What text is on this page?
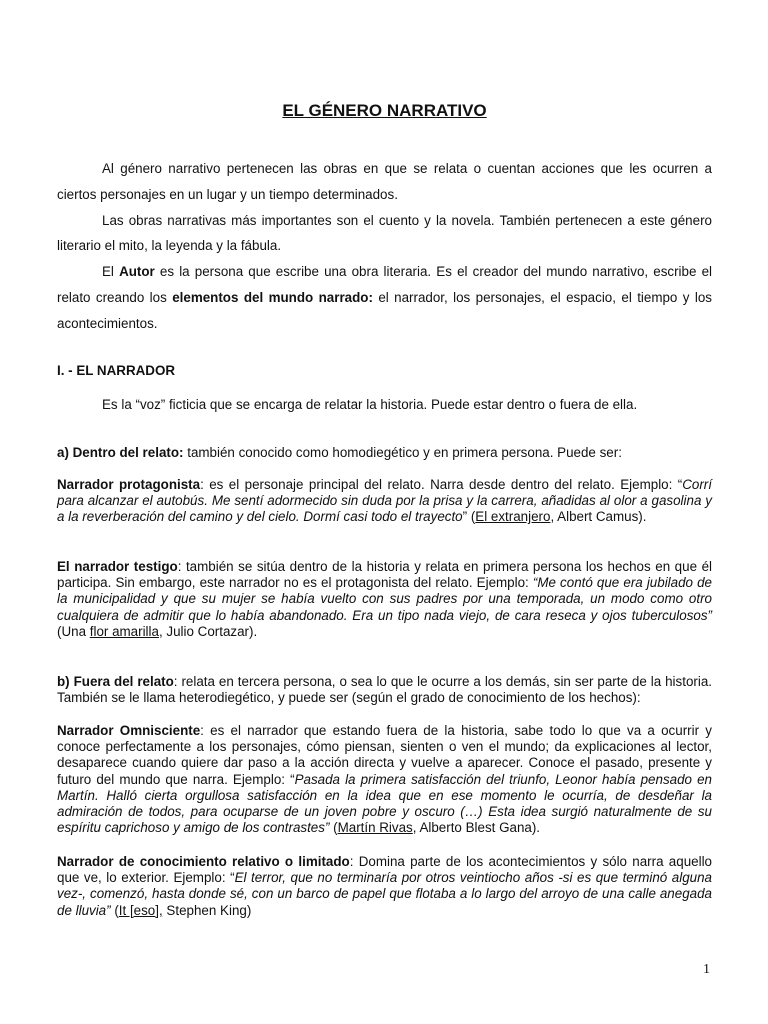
EL GÉNERO NARRATIVO

Al género narrativo pertenecen las obras en que se relata o cuentan acciones que les ocurren a ciertos personajes en un lugar y un tiempo determinados.

Las obras narrativas más importantes son el cuento y la novela. También pertenecen a este género literario el mito, la leyenda y la fábula.

El Autor es la persona que escribe una obra literaria. Es el creador del mundo narrativo, escribe el relato creando los elementos del mundo narrado: el narrador, los personajes, el espacio, el tiempo y los acontecimientos.

I. - EL NARRADOR

Es la “voz” ficticia que se encarga de relatar la historia. Puede estar dentro o fuera de ella.

a) Dentro del relato: también conocido como homodiegético y en primera persona. Puede ser:

Narrador protagonista: es el personaje principal del relato. Narra desde dentro del relato. Ejemplo: “Corrí para alcanzar el autobús. Me sentí adormecido sin duda por la prisa y la carrera, añadidas al olor a gasolina y a la reverberación del camino y del cielo. Dormí casi todo el trayecto” (El extranjero, Albert Camus).

El narrador testigo: también se sitúa dentro de la historia y relata en primera persona los hechos en que él participa. Sin embargo, este narrador no es el protagonista del relato. Ejemplo: “Me contó que era jubilado de la municipalidad y que su mujer se había vuelto con sus padres por una temporada, un modo como otro cualquiera de admitir que lo había abandonado. Era un tipo nada viejo, de cara reseca y ojos tuberculosos” (Una flor amarilla, Julio Cortazar).

b) Fuera del relato: relata en tercera persona, o sea lo que le ocurre a los demás, sin ser parte de la historia. También se le llama heterodiegético, y puede ser (según el grado de conocimiento de los hechos):

Narrador Omnisciente: es el narrador que estando fuera de la historia, sabe todo lo que va a ocurrir y conoce perfectamente a los personajes, cómo piensan, sienten o ven el mundo; da explicaciones al lector, desaparece cuando quiere dar paso a la acción directa y vuelve a aparecer. Conoce el pasado, presente y futuro del mundo que narra. Ejemplo: “Pasada la primera satisfacción del triunfo, Leonor había pensado en Martín. Halló cierta orgullosa satisfacción en la idea que en ese momento le ocurría, de desdeñar la admiración de todos, para ocuparse de un joven pobre y oscuro (…) Esta idea surgió naturalmente de su espíritu caprichoso y amigo de los contrastes” (Martín Rivas, Alberto Blest Gana).

Narrador de conocimiento relativo o limitado: Domina parte de los acontecimientos y sólo narra aquello que ve, lo exterior. Ejemplo: “El terror, que no terminaría por otros veintiocho años -si es que terminó alguna vez-, comenzó, hasta donde sé, con un barco de papel que flotaba a lo largo del arroyo de una calle anegada de lluvia” (It [eso], Stephen King)

1
